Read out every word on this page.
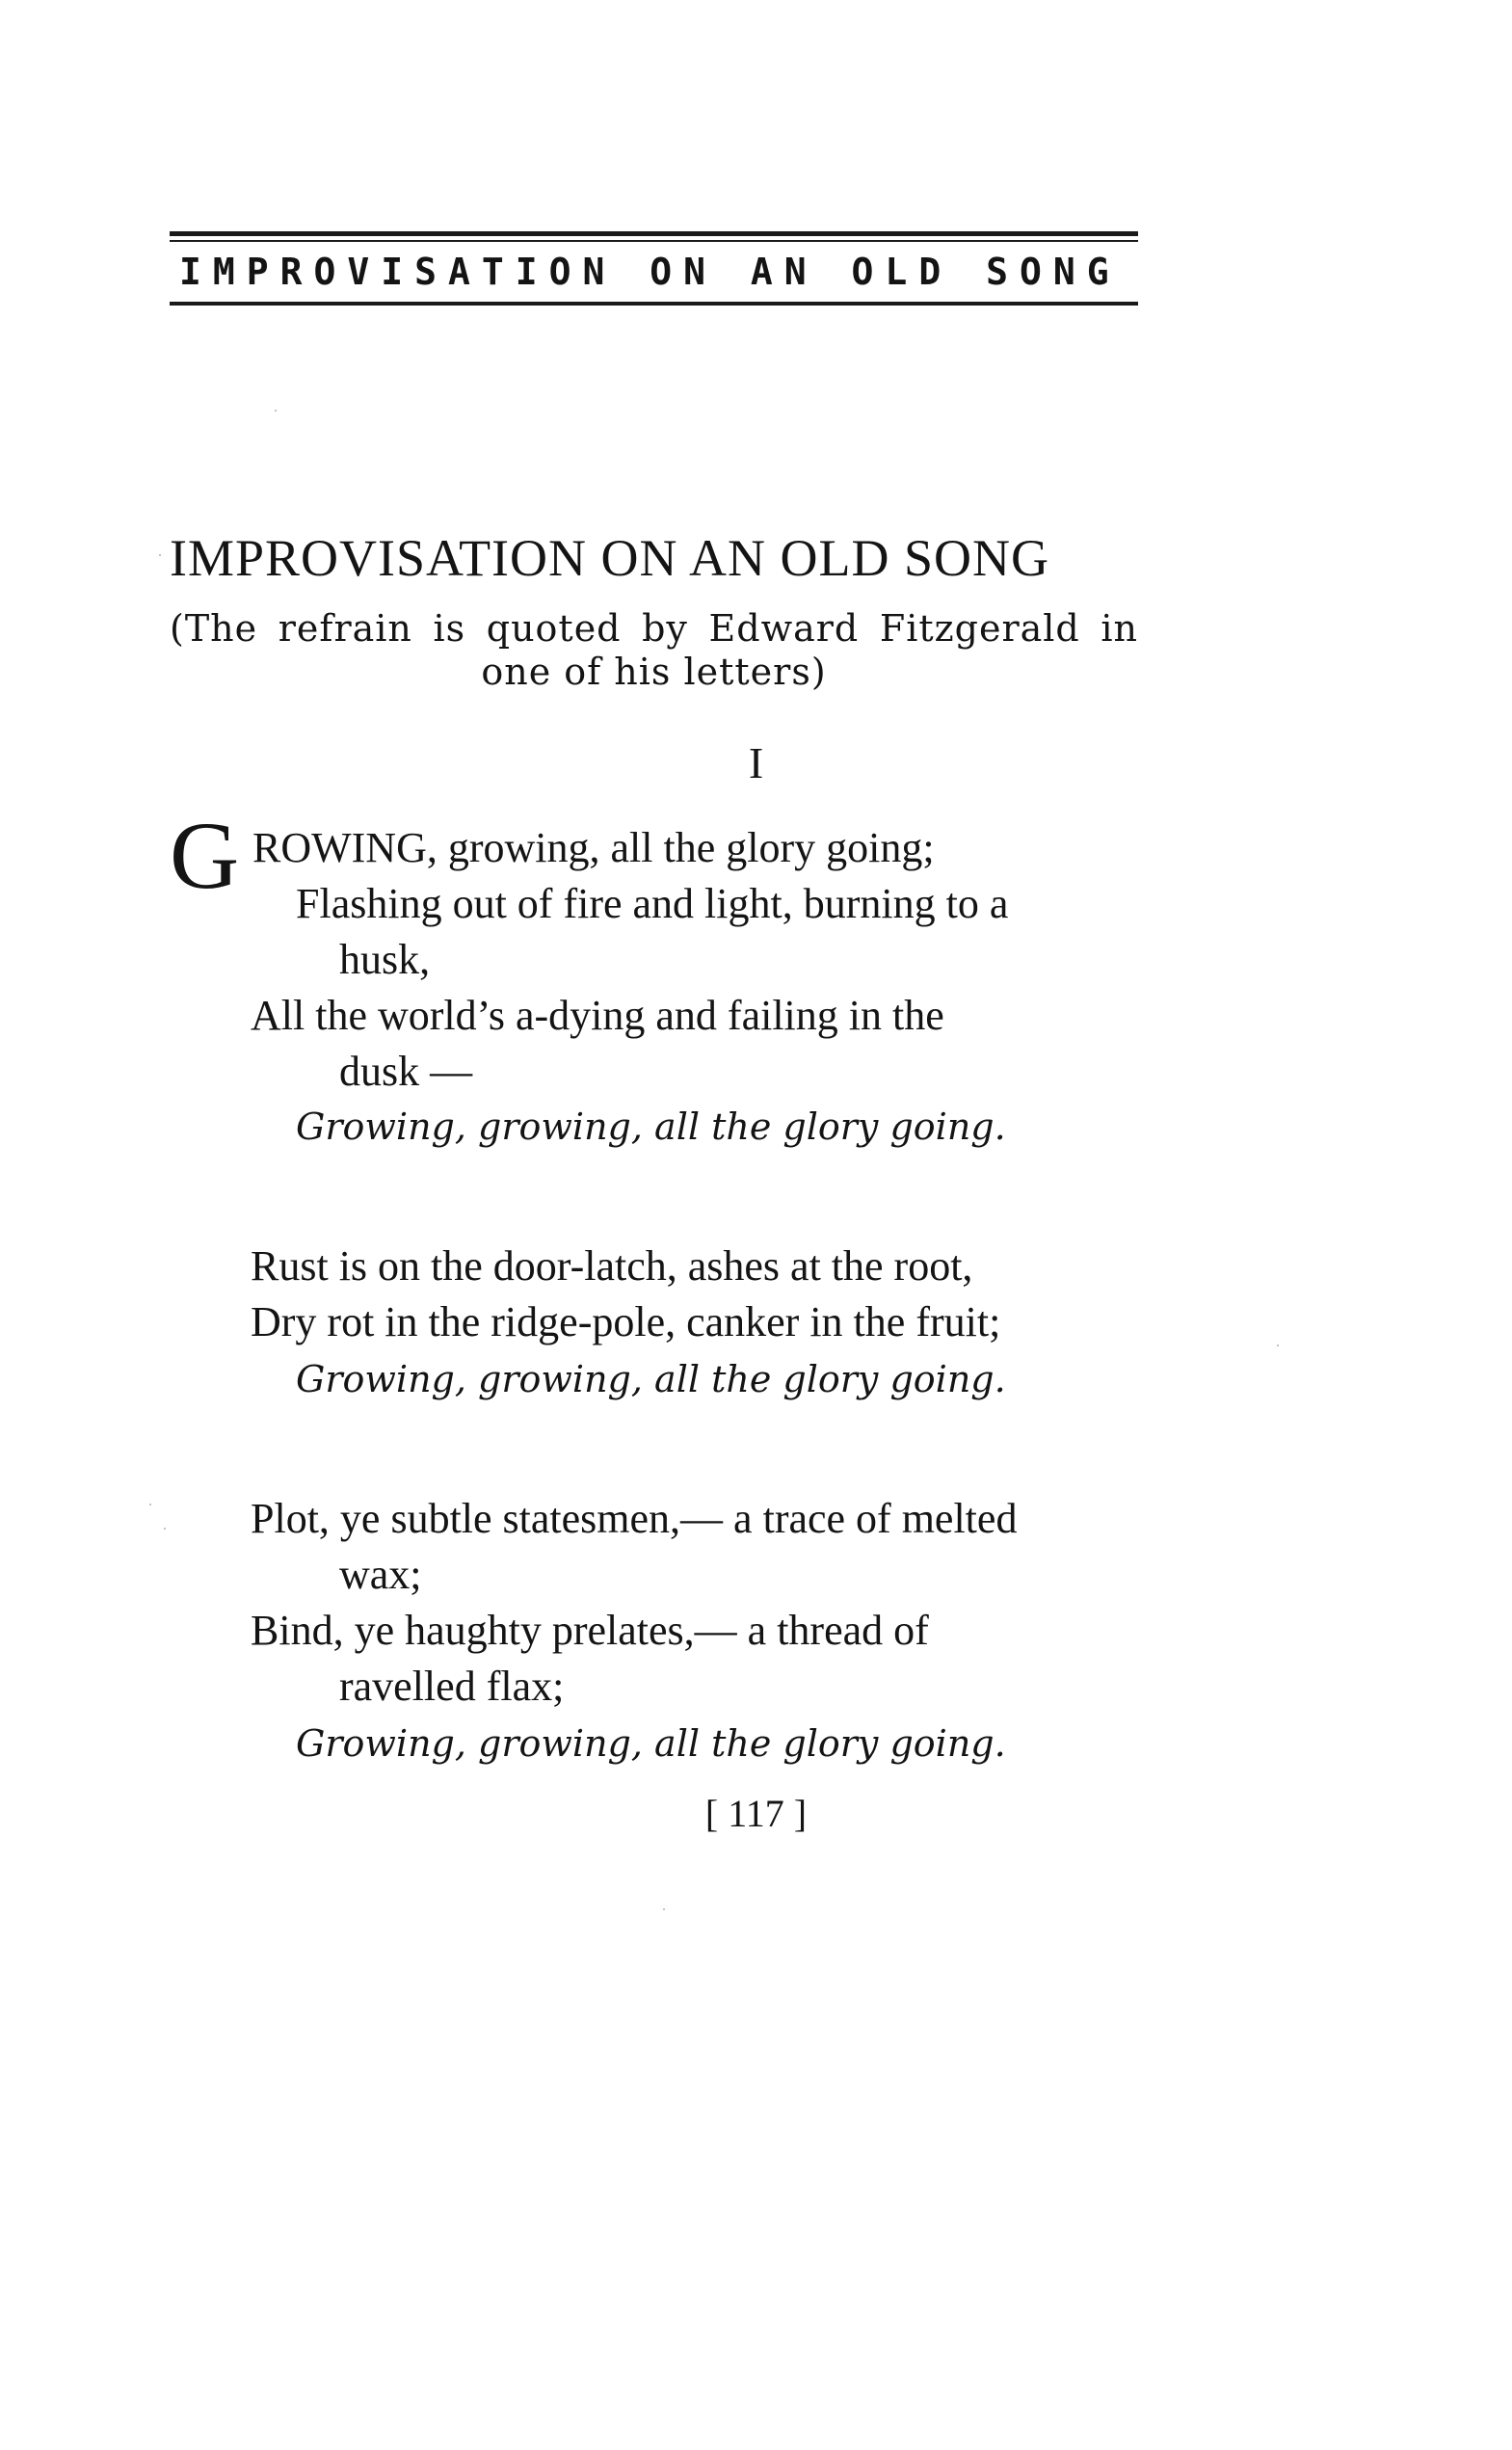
IMPROVISATION ON AN OLD SONG
IMPROVISATION ON AN OLD SONG
(The refrain is quoted by Edward Fitzgerald in
one of his letters)
I
G ROWING, growing, all the glory going;
Flashing out of fire and light, burning to a
husk,
All the world’s a-dying and failing in the
dusk —
Growing, growing, all the glory going.
Rust is on the door-latch, ashes at the root,
Dry rot in the ridge-pole, canker in the fruit;
Growing, growing, all the glory going.
Plot, ye subtle statesmen,— a trace of melted
wax;
Bind, ye haughty prelates,— a thread of
ravelled flax;
Growing, growing, all the glory going.
[ 117 ]
